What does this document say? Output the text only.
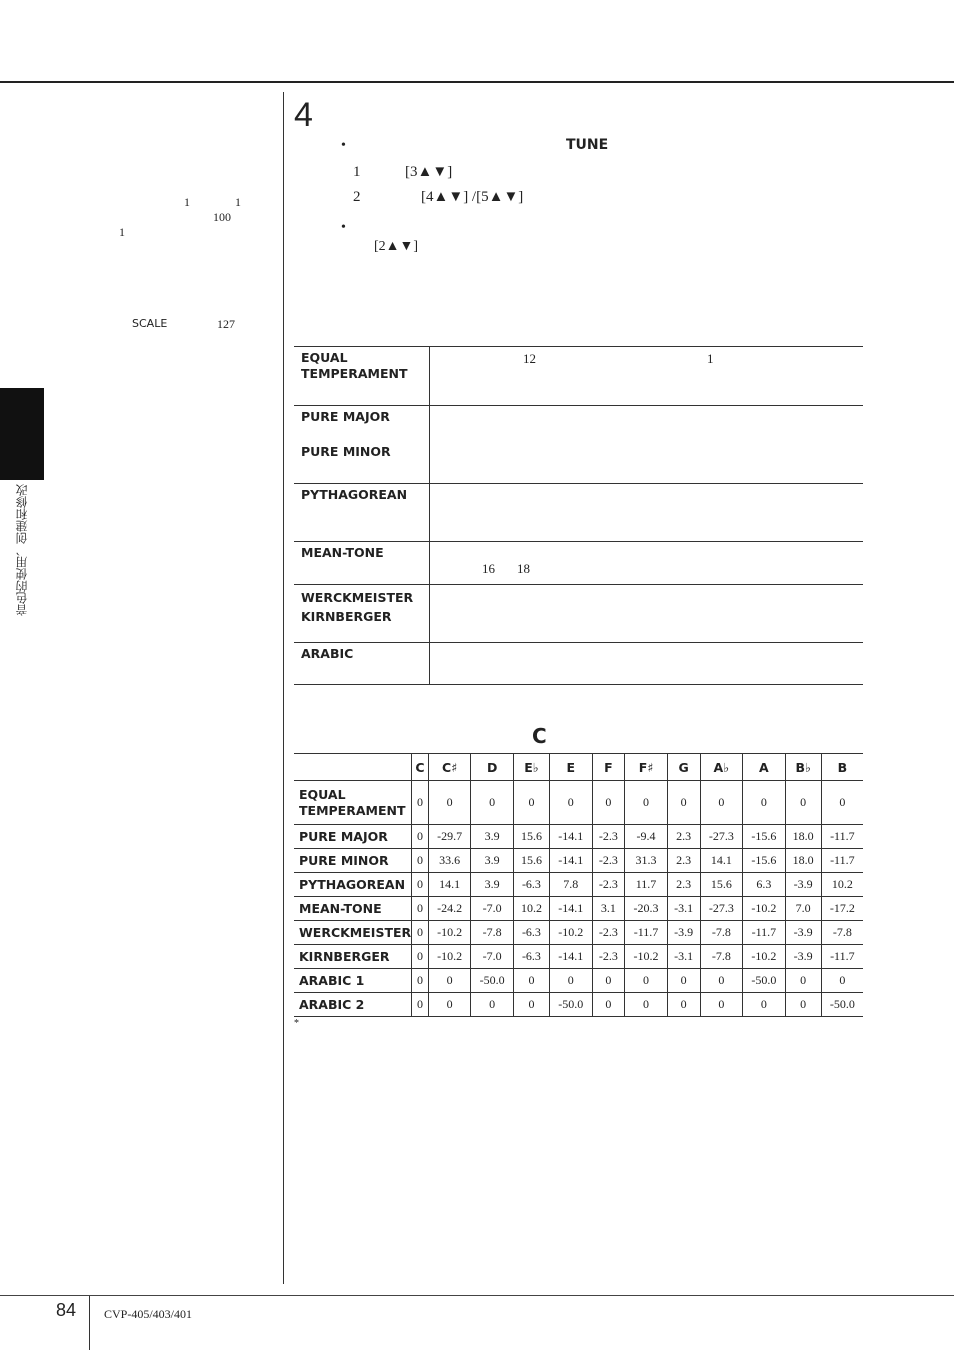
84 CVP-405/403/401
音色的使用、创建和修改
1	1
100
1
SCALE	127
4
•	TUNE
1	[3▲▼]
2	[4▲▼] /[5▲▼]
•
[2▲▼]
EQUAL TEMPERAMENT	12 1

PURE MAJOR
PURE MINOR	
PYTHAGOREAN	
MEAN-TONE	16 18

WERCKMEISTER
KIRNBERGER	
ARABIC	
C
	C	C♯	D	E♭	E	F	F♯	G	A♭	A	B♭	B
EQUAL TEMPERAMENT	0	0	0	0	0	0	0	0	0	0	0	0
PURE MAJOR	0	-29.7	3.9	15.6	-14.1	-2.3	-9.4	2.3	-27.3	-15.6	18.0	-11.7
PURE MINOR	0	33.6	3.9	15.6	-14.1	-2.3	31.3	2.3	14.1	-15.6	18.0	-11.7
PYTHAGOREAN	0	14.1	3.9	-6.3	7.8	-2.3	11.7	2.3	15.6	6.3	-3.9	10.2
MEAN-TONE	0	-24.2	-7.0	10.2	-14.1	3.1	-20.3	-3.1	-27.3	-10.2	7.0	-17.2
WERCKMEISTER	0	-10.2	-7.8	-6.3	-10.2	-2.3	-11.7	-3.9	-7.8	-11.7	-3.9	-7.8
KIRNBERGER	0	-10.2	-7.0	-6.3	-14.1	-2.3	-10.2	-3.1	-7.8	-10.2	-3.9	-11.7
ARABIC 1	0	0	-50.0	0	0	0	0	0	0	-50.0	0	0
ARABIC 2	0	0	0	0	-50.0	0	0	0	0	0	0	-50.0
*
